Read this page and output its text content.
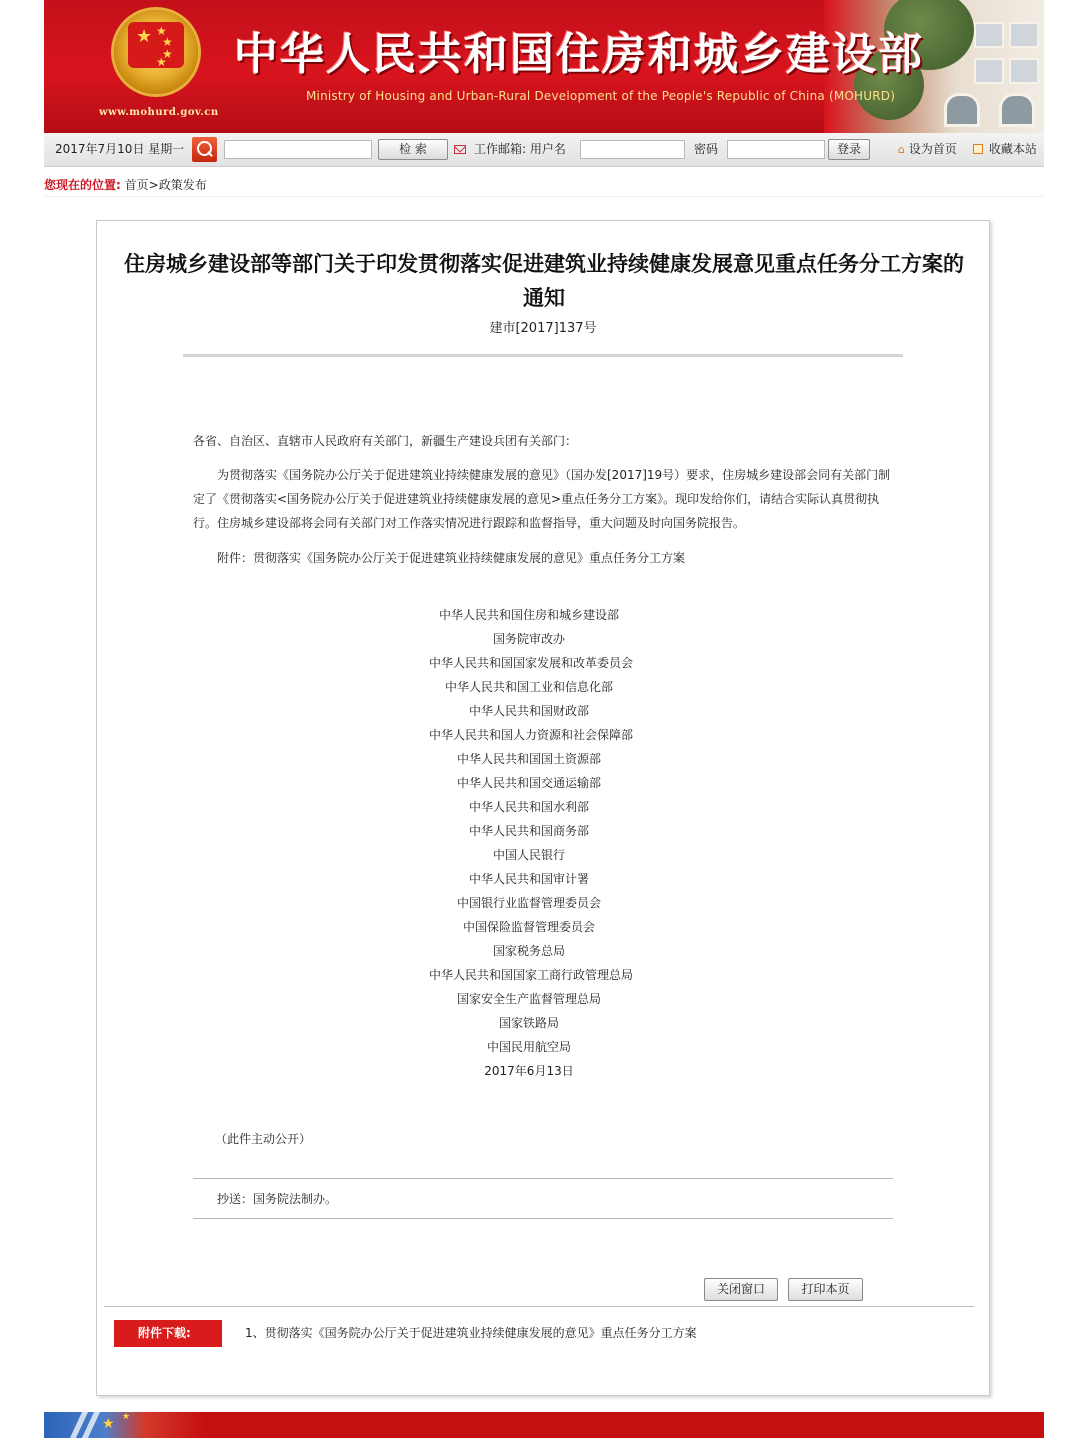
★ ★
★
★
★
www.mohurd.gov.cn
中华人民共和国住房和城乡建设部
Ministry of Housing and Urban-Rural Development of the People's Republic of China (MOHURD)
2017年7月10日 星期一	检 索	工作邮箱: 用户名	密码	登录	⌂ 设为首页	收藏本站
您现在的位置: 首页>政策发布
住房城乡建设部等部门关于印发贯彻落实促进建筑业持续健康发展意见重点任务分工方案的通知
建市[2017]137号
各省、自治区、直辖市人民政府有关部门，新疆生产建设兵团有关部门：
为贯彻落实《国务院办公厅关于促进建筑业持续健康发展的意见》（国办发[2017]19号）要求，住房城乡建设部会同有关部门制定了《贯彻落实<国务院办公厅关于促进建筑业持续健康发展的意见>重点任务分工方案》。现印发给你们，请结合实际认真贯彻执行。住房城乡建设部将会同有关部门对工作落实情况进行跟踪和监督指导，重大问题及时向国务院报告。
附件：贯彻落实《国务院办公厅关于促进建筑业持续健康发展的意见》重点任务分工方案
中华人民共和国住房和城乡建设部
国务院审改办
中华人民共和国国家发展和改革委员会
中华人民共和国工业和信息化部
中华人民共和国财政部
中华人民共和国人力资源和社会保障部
中华人民共和国国土资源部
中华人民共和国交通运输部
中华人民共和国水利部
中华人民共和国商务部
中国人民银行
中华人民共和国审计署
中国银行业监督管理委员会
中国保险监督管理委员会
国家税务总局
中华人民共和国国家工商行政管理总局
国家安全生产监督管理总局
国家铁路局
中国民用航空局
2017年6月13日
（此件主动公开）
抄送：国务院法制办。
关闭窗口	打印本页
附件下载:	1、贯彻落实《国务院办公厅关于促进建筑业持续健康发展的意见》重点任务分工方案
★ ★
